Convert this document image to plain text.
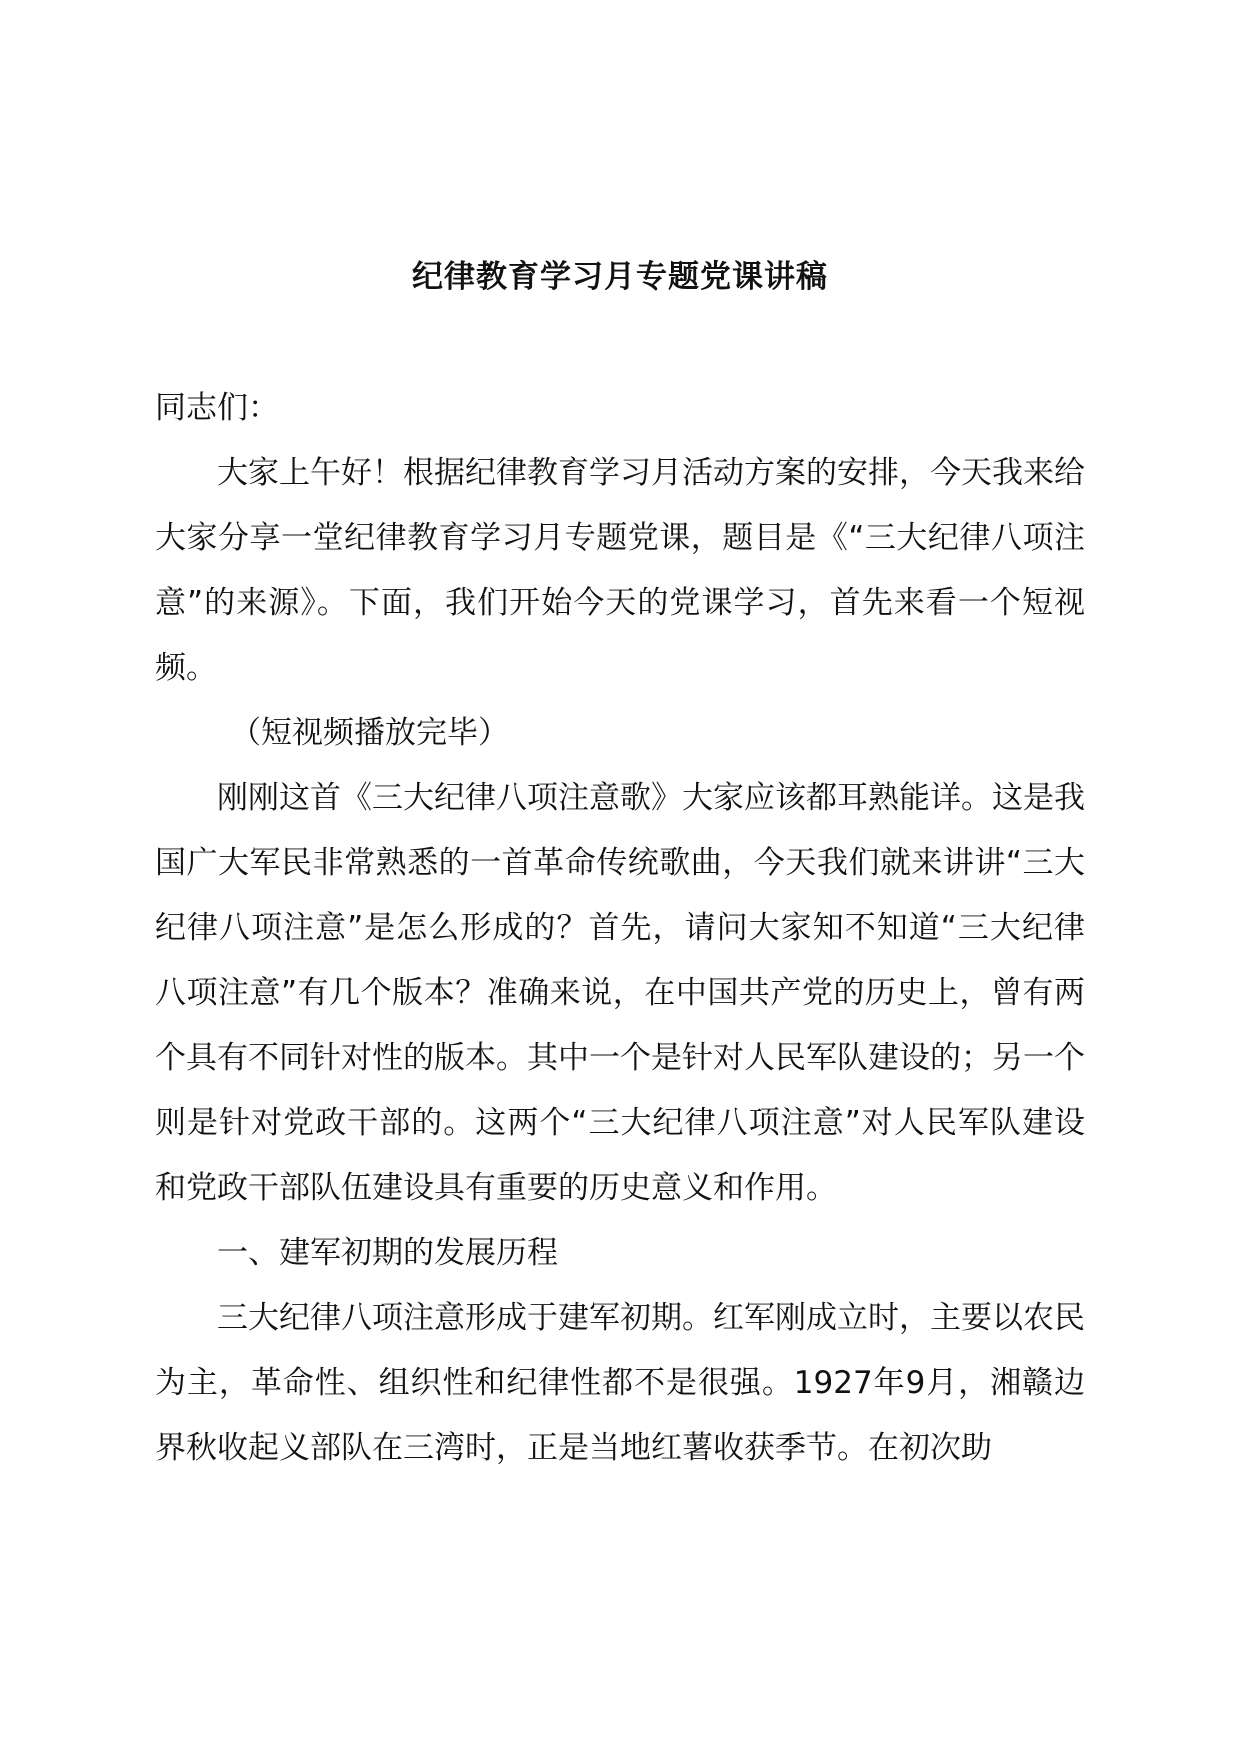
纪律教育学习月专题党课讲稿

同志们：

大家上午好！根据纪律教育学习月活动方案的安排，今天我来给大家分享一堂纪律教育学习月专题党课，题目是《“三大纪律八项注意”的来源》。下面，我们开始今天的党课学习，首先来看一个短视频。

（短视频播放完毕）

刚刚这首《三大纪律八项注意歌》大家应该都耳熟能详。这是我国广大军民非常熟悉的一首革命传统歌曲，今天我们就来讲讲“三大纪律八项注意”是怎么形成的？首先，请问大家知不知道“三大纪律八项注意”有几个版本？准确来说，在中国共产党的历史上，曾有两个具有不同针对性的版本。其中一个是针对人民军队建设的；另一个则是针对党政干部的。这两个“三大纪律八项注意”对人民军队建设和党政干部队伍建设具有重要的历史意义和作用。

一、建军初期的发展历程

三大纪律八项注意形成于建军初期。红军刚成立时，主要以农民为主，革命性、组织性和纪律性都不是很强。1927年9月，湘赣边界秋收起义部队在三湾时，正是当地红薯收获季节。在初次助
